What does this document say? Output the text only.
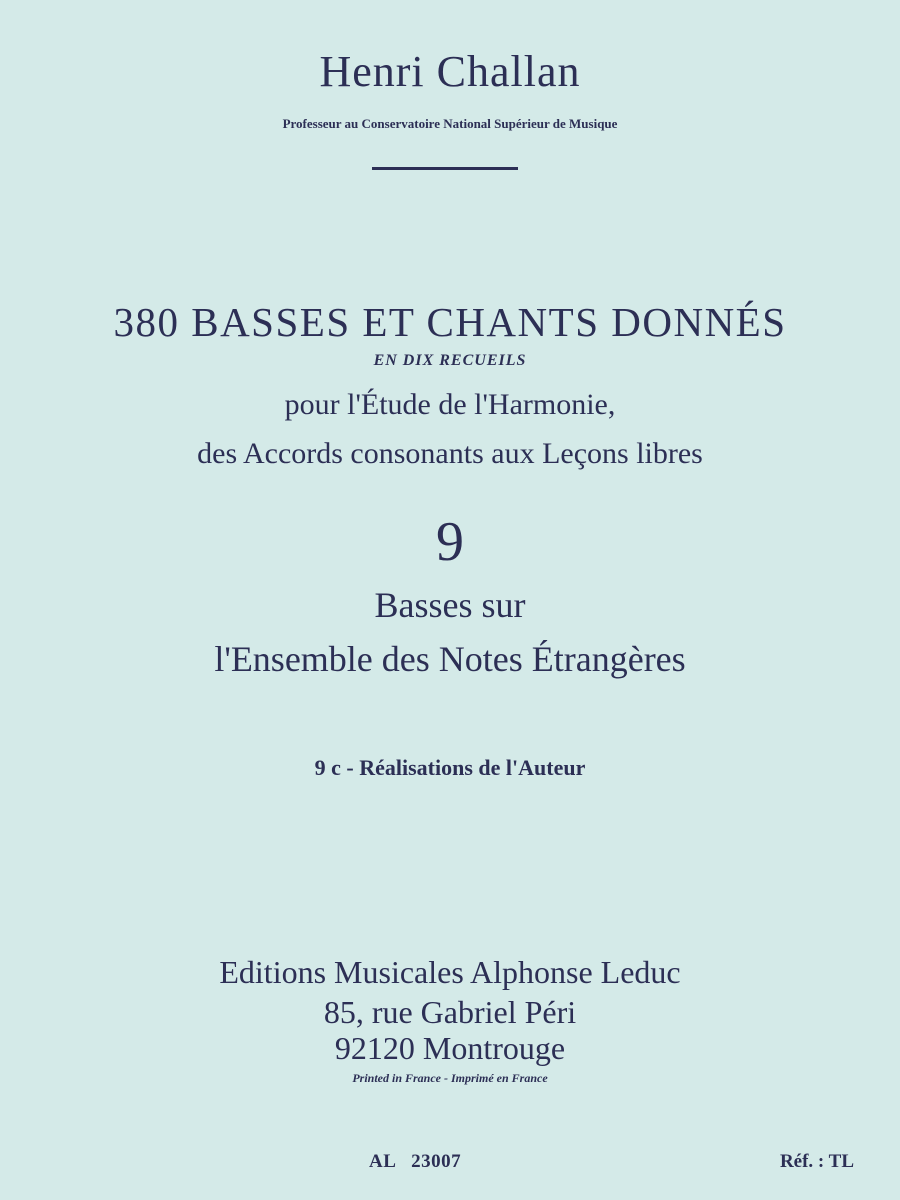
Henri Challan
Professeur au Conservatoire National Supérieur de Musique
380 BASSES ET CHANTS DONNÉS
EN DIX RECUEILS
pour l'Étude de l'Harmonie,
des Accords consonants aux Leçons libres
9
Basses sur
l'Ensemble des Notes Étrangères
9 c - Réalisations de l'Auteur
Editions Musicales Alphonse Leduc
85, rue Gabriel Péri
92120 Montrouge
Printed in France - Imprimé en France
AL   23007	Réf. : TL
